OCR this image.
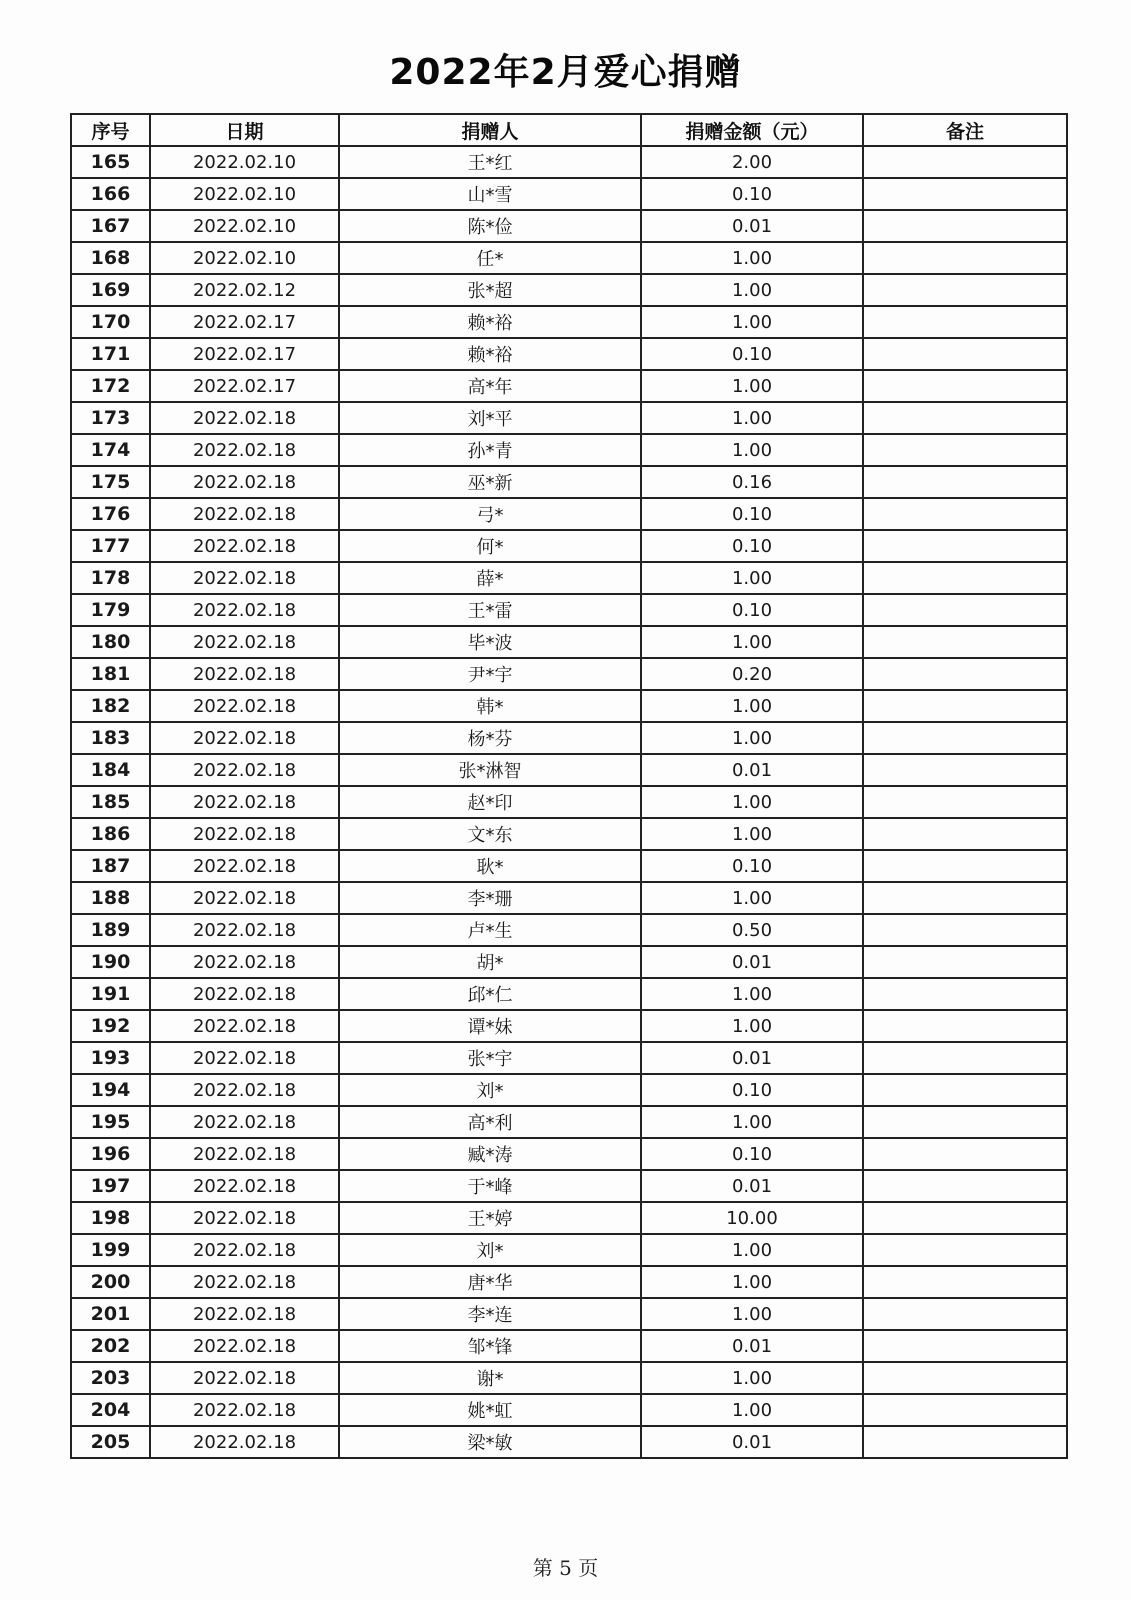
2022年2月爱心捐赠
序号	日期	捐赠人	捐赠金额（元）	备注
165	2022.02.10	王*红	2.00	
166	2022.02.10	山*雪	0.10	
167	2022.02.10	陈*俭	0.01	
168	2022.02.10	任*	1.00	
169	2022.02.12	张*超	1.00	
170	2022.02.17	赖*裕	1.00	
171	2022.02.17	赖*裕	0.10	
172	2022.02.17	高*年	1.00	
173	2022.02.18	刘*平	1.00	
174	2022.02.18	孙*青	1.00	
175	2022.02.18	巫*新	0.16	
176	2022.02.18	弓*	0.10	
177	2022.02.18	何*	0.10	
178	2022.02.18	薛*	1.00	
179	2022.02.18	王*雷	0.10	
180	2022.02.18	毕*波	1.00	
181	2022.02.18	尹*宇	0.20	
182	2022.02.18	韩*	1.00	
183	2022.02.18	杨*芬	1.00	
184	2022.02.18	张*淋智	0.01	
185	2022.02.18	赵*印	1.00	
186	2022.02.18	文*东	1.00	
187	2022.02.18	耿*	0.10	
188	2022.02.18	李*珊	1.00	
189	2022.02.18	卢*生	0.50	
190	2022.02.18	胡*	0.01	
191	2022.02.18	邱*仁	1.00	
192	2022.02.18	谭*妹	1.00	
193	2022.02.18	张*宇	0.01	
194	2022.02.18	刘*	0.10	
195	2022.02.18	高*利	1.00	
196	2022.02.18	臧*涛	0.10	
197	2022.02.18	于*峰	0.01	
198	2022.02.18	王*婷	10.00	
199	2022.02.18	刘*	1.00	
200	2022.02.18	唐*华	1.00	
201	2022.02.18	李*连	1.00	
202	2022.02.18	邹*锋	0.01	
203	2022.02.18	谢*	1.00	
204	2022.02.18	姚*虹	1.00	
205	2022.02.18	梁*敏	0.01	
第 5 页
